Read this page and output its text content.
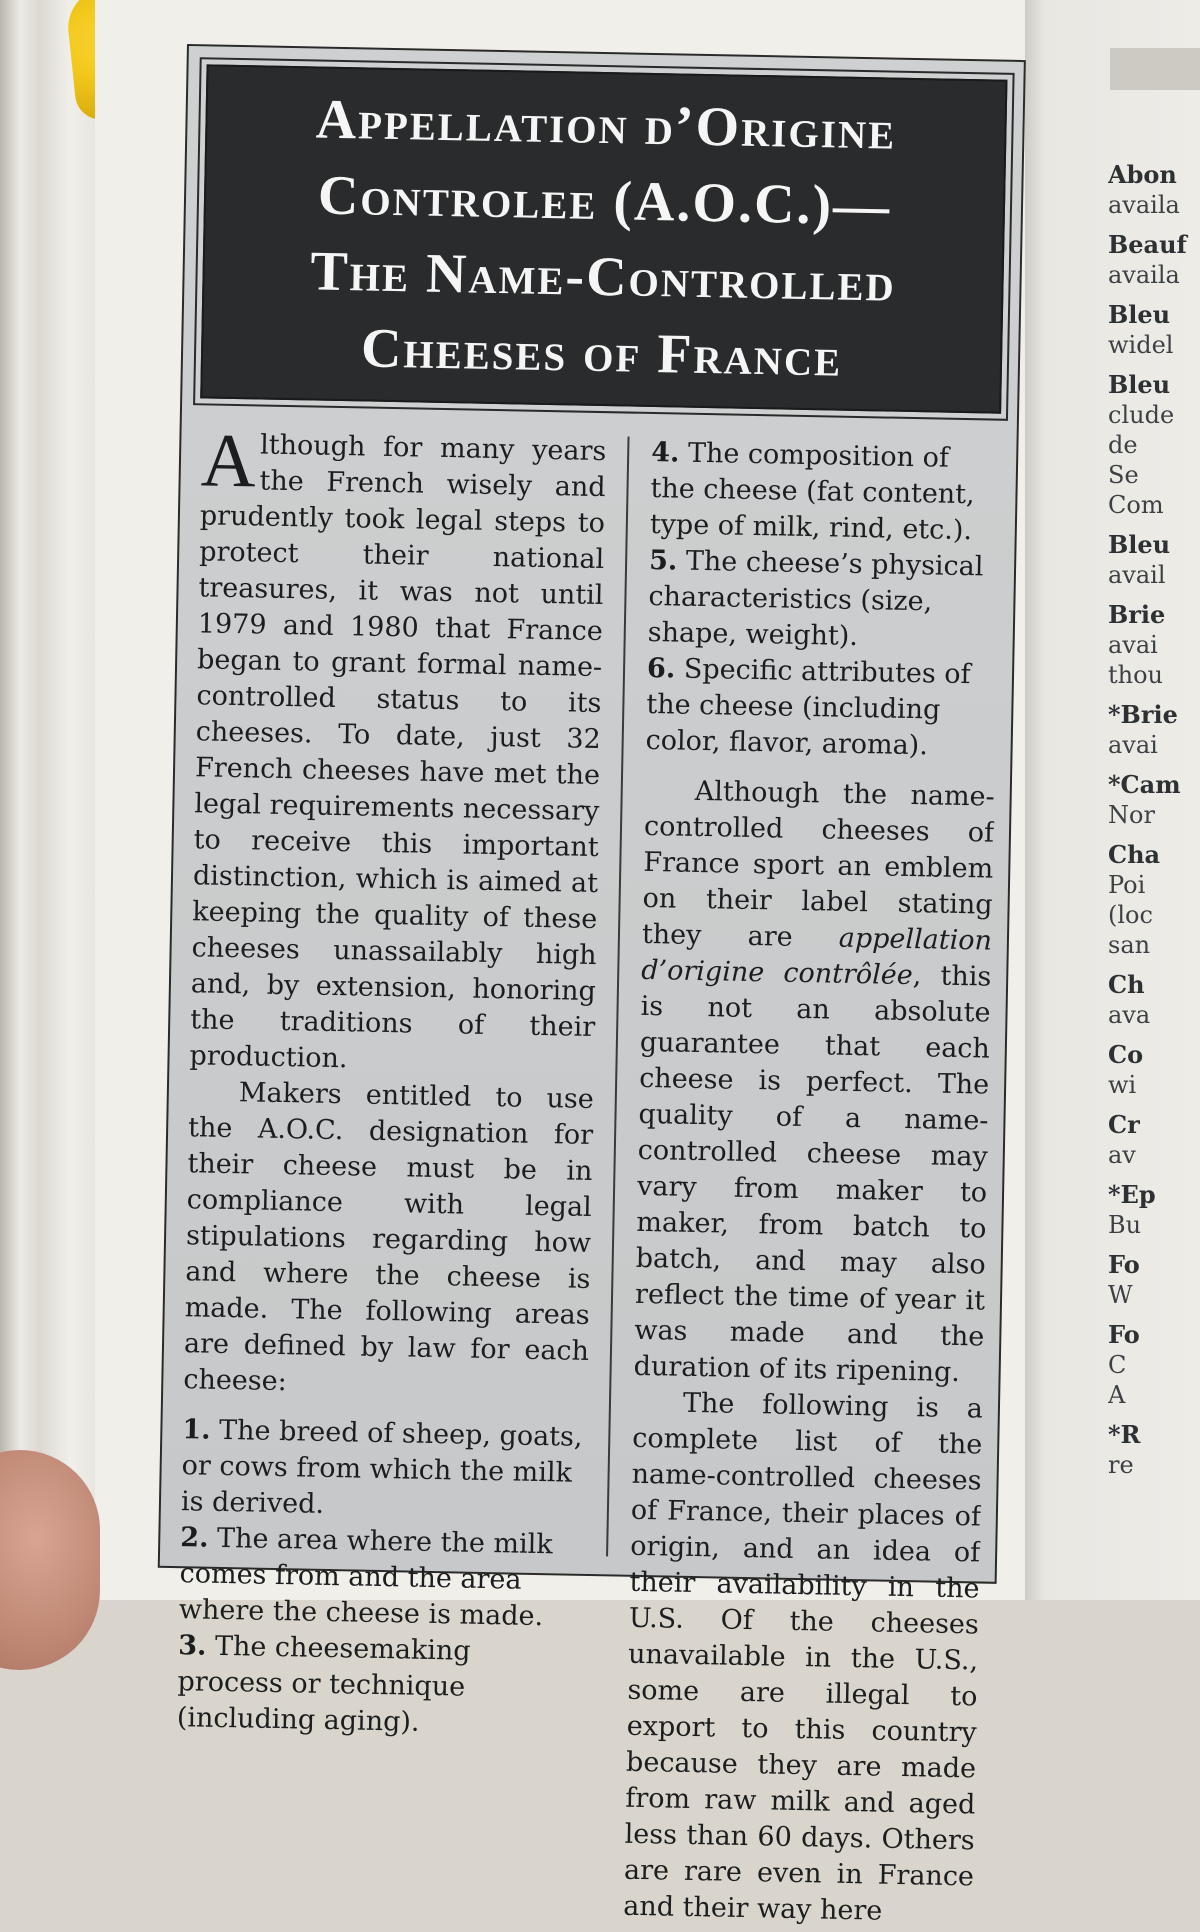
Abon
availa
Beauf
availa
Bleu
widel
Bleu
clude
de
Se
Com
Bleu
avail
Brie
avai
thou
*Brie
avai
*Cam
Nor
Cha
Poi
(loc
san
Ch
ava
Co
wi
Cr
av
*Ep
Bu
Fo
W
Fo
C
A
*R
re
Appellation d’Origine
Controlee (A.O.C.)—
The Name-Controlled
Cheeses of France

Although for many years the French wisely and prudently took legal steps to protect their national treasures, it was not until 1979 and 1980 that France began to grant formal name-controlled status to its cheeses. To date, just 32 French cheeses have met the legal requirements necessary to receive this important distinction, which is aimed at keeping the quality of these cheeses unassailably high and, by extension, honoring the traditions of their production.

Makers entitled to use the A.O.C. designation for their cheese must be in compliance with legal stipulations regarding how and where the cheese is made. The following areas are defined by law for each cheese:

1. The breed of sheep, goats, or cows from which the milk is derived.

2. The area where the milk comes from and the area where the cheese is made.

3. The cheesemaking process or technique (including aging).

4. The composition of the cheese (fat content, type of milk, rind, etc.).

5. The cheese’s physical characteristics (size, shape, weight).

6. Specific attributes of the cheese (including color, flavor, aroma).

Although the name-controlled cheeses of France sport an emblem on their label stating they are appellation d’origine contrôlée, this is not an absolute guarantee that each cheese is perfect. The quality of a name-controlled cheese may vary from maker to maker, from batch to batch, and may also reflect the time of year it was made and the duration of its ripening.

The following is a complete list of the name-controlled cheeses of France, their places of origin, and an idea of their availability in the U.S. Of the cheeses unavailable in the U.S., some are illegal to export to this country because they are made from raw milk and aged less than 60 days. Others are rare even in France and their way here
